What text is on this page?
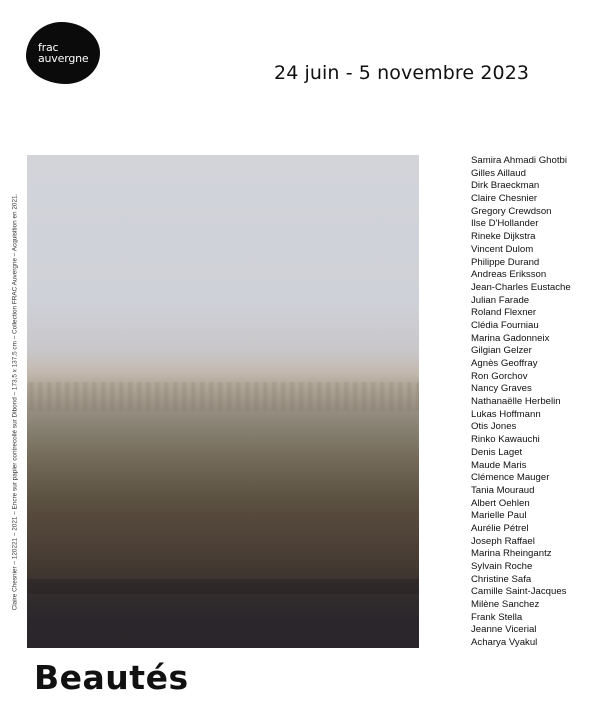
frac
auvergne
24 juin - 5 novembre 2023
Claire Chesnier – 120221 – 2021 – Encre sur papier contrecollé sur Dibond – 173,5 x 137,5 cm – Collection FRAC Auvergne – Acquisition en 2021.
Samira Ahmadi Ghotbi
Gilles Aillaud
Dirk Braeckman
Claire Chesnier
Gregory Crewdson
Ilse D'Hollander
Rineke Dijkstra
Vincent Dulom
Philippe Durand
Andreas Eriksson
Jean-Charles Eustache
Julian Farade
Roland Flexner
Clédia Fourniau
Marina Gadonneix
Gilgian Gelzer
Agnès Geoffray
Ron Gorchov
Nancy Graves
Nathanaëlle Herbelin
Lukas Hoffmann
Otis Jones
Rinko Kawauchi
Denis Laget
Maude Maris
Clémence Mauger
Tania Mouraud
Albert Oehlen
Marielle Paul
Aurélie Pétrel
Joseph Raffael
Marina Rheingantz
Sylvain Roche
Christine Safa
Camille Saint-Jacques
Milène Sanchez
Frank Stella
Jeanne Vicerial
Acharya Vyakul
Beautés
